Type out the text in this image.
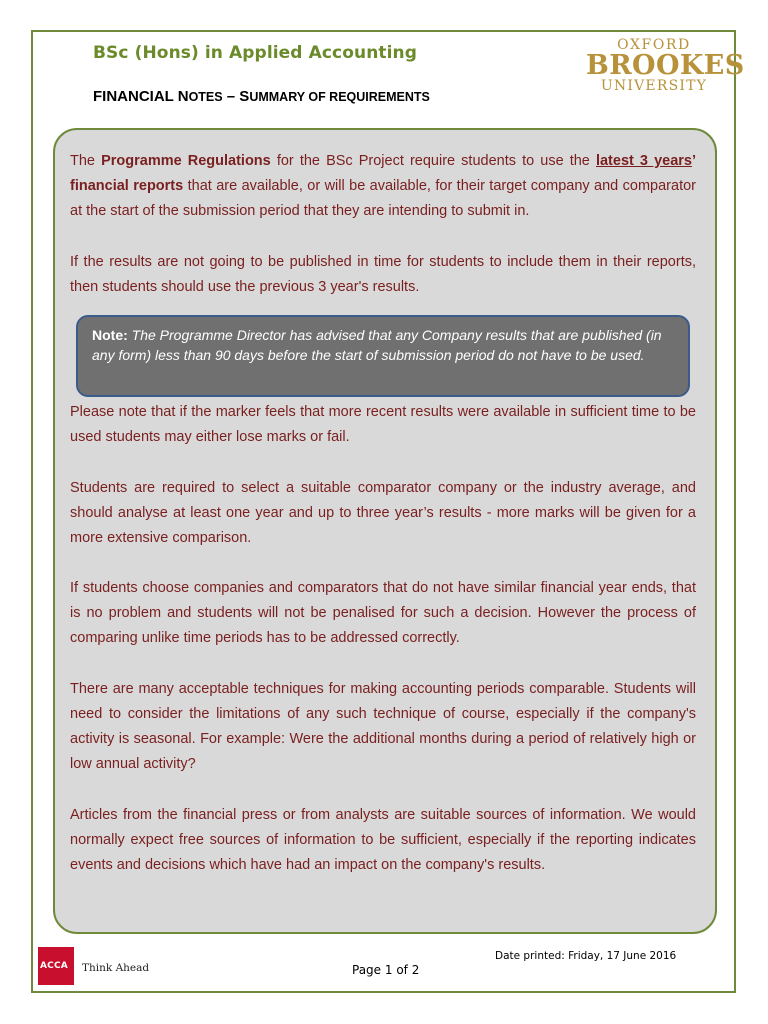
BSc (Hons) in Applied Accounting
FINANCIAL NOTES – SUMMARY OF REQUIREMENTS
OXFORD
BROOKES
UNIVERSITY
The Programme Regulations for the BSc Project require students to use the latest 3 years’ financial reports that are available, or will be available, for their target company and comparator at the start of the submission period that they are intending to submit in.
If the results are not going to be published in time for students to include them in their reports, then students should use the previous 3 year's results.
Note: The Programme Director has advised that any Company results that are published (in any form) less than 90 days before the start of submission period do not have to be used.
Please note that if the marker feels that more recent results were available in sufficient time to be used students may either lose marks or fail.
Students are required to select a suitable comparator company or the industry average, and should analyse at least one year and up to three year’s results - more marks will be given for a more extensive comparison.
If students choose companies and comparators that do not have similar financial year ends, that is no problem and students will not be penalised for such a decision. However the process of comparing unlike time periods has to be addressed correctly.
There are many acceptable techniques for making accounting periods comparable. Students will need to consider the limitations of any such technique of course, especially if the company's activity is seasonal. For example: Were the additional months during a period of relatively high or low annual activity?
Articles from the financial press or from analysts are suitable sources of information. We would normally expect free sources of information to be sufficient, especially if the reporting indicates events and decisions which have had an impact on the company's results.
ACCA Think Ahead	Page 1 of 2
Date printed: Friday, 17 June 2016
